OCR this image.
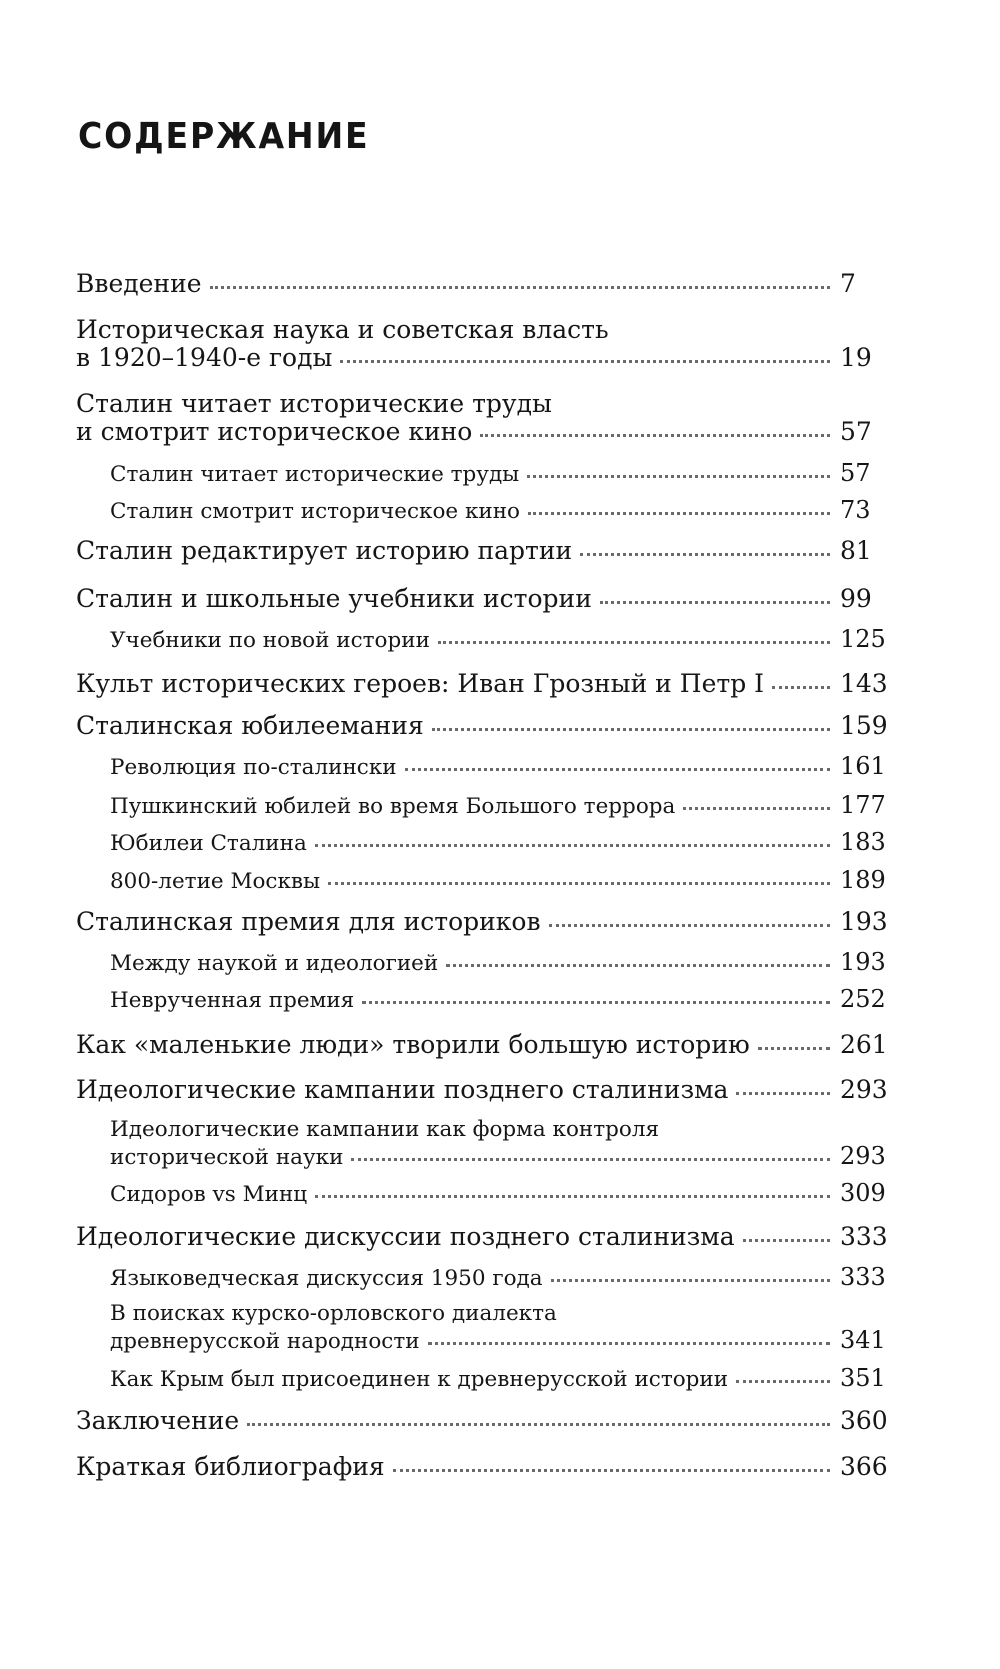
СОДЕРЖАНИЕ
Введение	7
Историческая наука и советская власть
в 1920–1940-е годы	19
Сталин читает исторические труды
и смотрит историческое кино	57
Сталин читает исторические труды	57
Сталин смотрит историческое кино	73
Сталин редактирует историю партии	81
Сталин и школьные учебники истории	99
Учебники по новой истории	125
Культ исторических героев: Иван Грозный и Петр I	143
Сталинская юбилеемания	159
Революция по-сталински	161
Пушкинский юбилей во время Большого террора	177
Юбилеи Сталина	183
800-летие Москвы	189
Сталинская премия для историков	193
Между наукой и идеологией	193
Неврученная премия	252
Как «маленькие люди» творили большую историю	261
Идеологические кампании позднего сталинизма	293
Идеологические кампании как форма контроля
исторической науки	293
Сидоров vs Минц	309
Идеологические дискуссии позднего сталинизма	333
Языковедческая дискуссия 1950 года	333
В поисках курско-орловского диалекта
древнерусской народности	341
Как Крым был присоединен к древнерусской истории	351
Заключение	360
Краткая библиография	366
